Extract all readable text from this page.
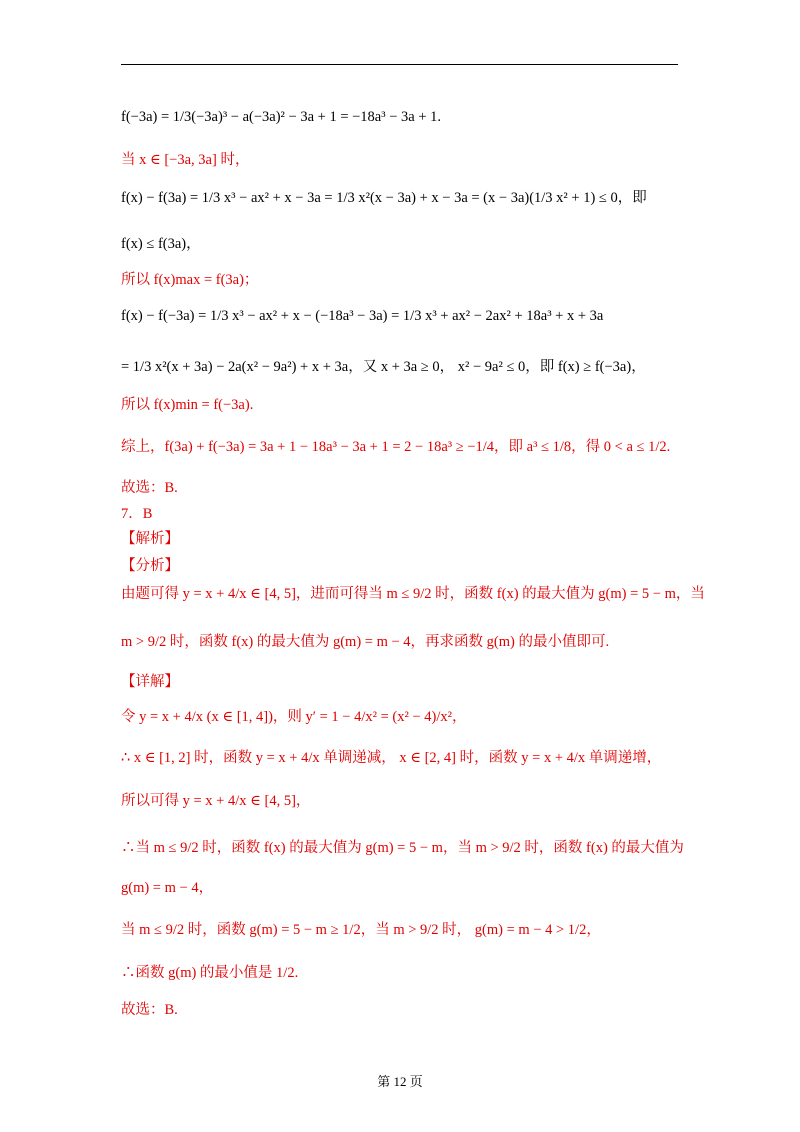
f(−3a) = 1/3(−3a)³ − a(−3a)² − 3a + 1 = −18a³ − 3a + 1.
当 x ∈ [−3a, 3a] 时，
f(x) − f(3a) = 1/3 x³ − ax² + x − 3a = 1/3 x²(x − 3a) + x − 3a = (x − 3a)(1/3 x² + 1) ≤ 0，即
f(x) ≤ f(3a)，
所以 f(x)max = f(3a)；
f(x) − f(−3a) = 1/3 x³ − ax² + x − (−18a³ − 3a) = 1/3 x³ + ax² − 2ax² + 18a³ + x + 3a
= 1/3 x²(x + 3a) − 2a(x² − 9a²) + x + 3a，又 x + 3a ≥ 0， x² − 9a² ≤ 0，即 f(x) ≥ f(−3a)，
所以 f(x)min = f(−3a).
综上，f(3a) + f(−3a) = 3a + 1 − 18a³ − 3a + 1 = 2 − 18a³ ≥ −1/4，即 a³ ≤ 1/8，得 0 < a ≤ 1/2.
故选：B.
7．B
【解析】
【分析】
由题可得 y = x + 4/x ∈ [4, 5]，进而可得当 m ≤ 9/2 时，函数 f(x) 的最大值为 g(m) = 5 − m，当
m > 9/2 时，函数 f(x) 的最大值为 g(m) = m − 4，再求函数 g(m) 的最小值即可.
【详解】
令 y = x + 4/x (x ∈ [1, 4])，则 y′ = 1 − 4/x² = (x² − 4)/x²，
∴ x ∈ [1, 2] 时，函数 y = x + 4/x 单调递减， x ∈ [2, 4] 时，函数 y = x + 4/x 单调递增，
所以可得 y = x + 4/x ∈ [4, 5]，
∴当 m ≤ 9/2 时，函数 f(x) 的最大值为 g(m) = 5 − m，当 m > 9/2 时，函数 f(x) 的最大值为
g(m) = m − 4，
当 m ≤ 9/2 时，函数 g(m) = 5 − m ≥ 1/2，当 m > 9/2 时， g(m) = m − 4 > 1/2，
∴函数 g(m) 的最小值是 1/2.
故选：B.
第 12 页
